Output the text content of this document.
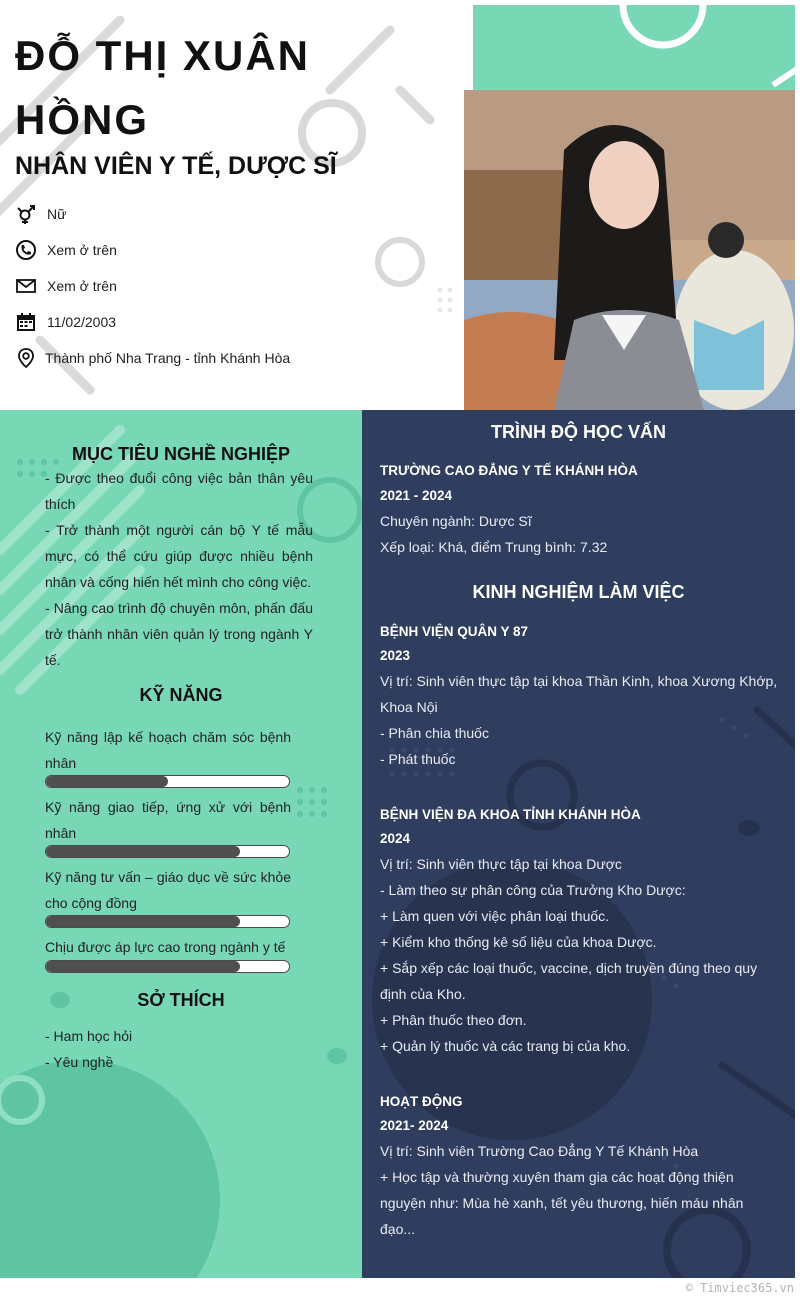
ĐỖ THỊ XUÂN HỒNG
NHÂN VIÊN Y TẾ, DƯỢC SĨ
Nữ
Xem ở trên
Xem ở trên
11/02/2003
Thành phố Nha Trang - tỉnh Khánh Hòa
MỤC TIÊU NGHỀ NGHIỆP
- Được theo đuổi công việc bản thân yêu thích
- Trở thành một người cán bộ Y tế mẫu mực, có thể cứu giúp được nhiều bệnh nhân và cống hiến hết mình cho công việc.
- Nâng cao trình độ chuyên môn, phấn đấu trở thành nhân viên quản lý trong ngành Y tế.
KỸ NĂNG
Kỹ năng lập kế hoạch chăm sóc bệnh nhân
Kỹ năng giao tiếp, ứng xử với bệnh nhân
Kỹ năng tư vấn – giáo dục về sức khỏe cho cộng đồng
Chịu được áp lực cao trong ngành y tế
SỞ THÍCH
- Ham học hỏi
- Yêu nghề
TRÌNH ĐỘ HỌC VẤN
TRƯỜNG CAO ĐẲNG Y TẾ KHÁNH HÒA
2021 - 2024
Chuyên ngành: Dược Sĩ
Xếp loại: Khá, điểm Trung bình: 7.32
KINH NGHIỆM LÀM VIỆC
BỆNH VIỆN QUÂN Y 87
2023
Vị trí: Sinh viên thực tập tại khoa Thần Kinh, khoa Xương Khớp, Khoa Nội
- Phân chia thuốc
- Phát thuốc
BỆNH VIỆN ĐA KHOA TỈNH KHÁNH HÒA
2024
Vị trí: Sinh viên thực tập tại khoa Dược
- Làm theo sự phân công của Trưởng Kho Dược:
+ Làm quen với việc phân loại thuốc.
+ Kiểm kho thống kê số liệu của khoa Dược.
+ Sắp xếp các loại thuốc, vaccine, dịch truyền đúng theo quy định của Kho.
+ Phân thuốc theo đơn.
+ Quản lý thuốc và các trang bị của kho.
HOẠT ĐỘNG
2021- 2024
Vị trí: Sinh viên Trường Cao Đẳng Y Tế Khánh Hòa
+ Học tập và thường xuyên tham gia các hoạt động thiện nguyện như: Mùa hè xanh, tết yêu thương, hiến máu nhân đạo...
© Timviec365.vn
